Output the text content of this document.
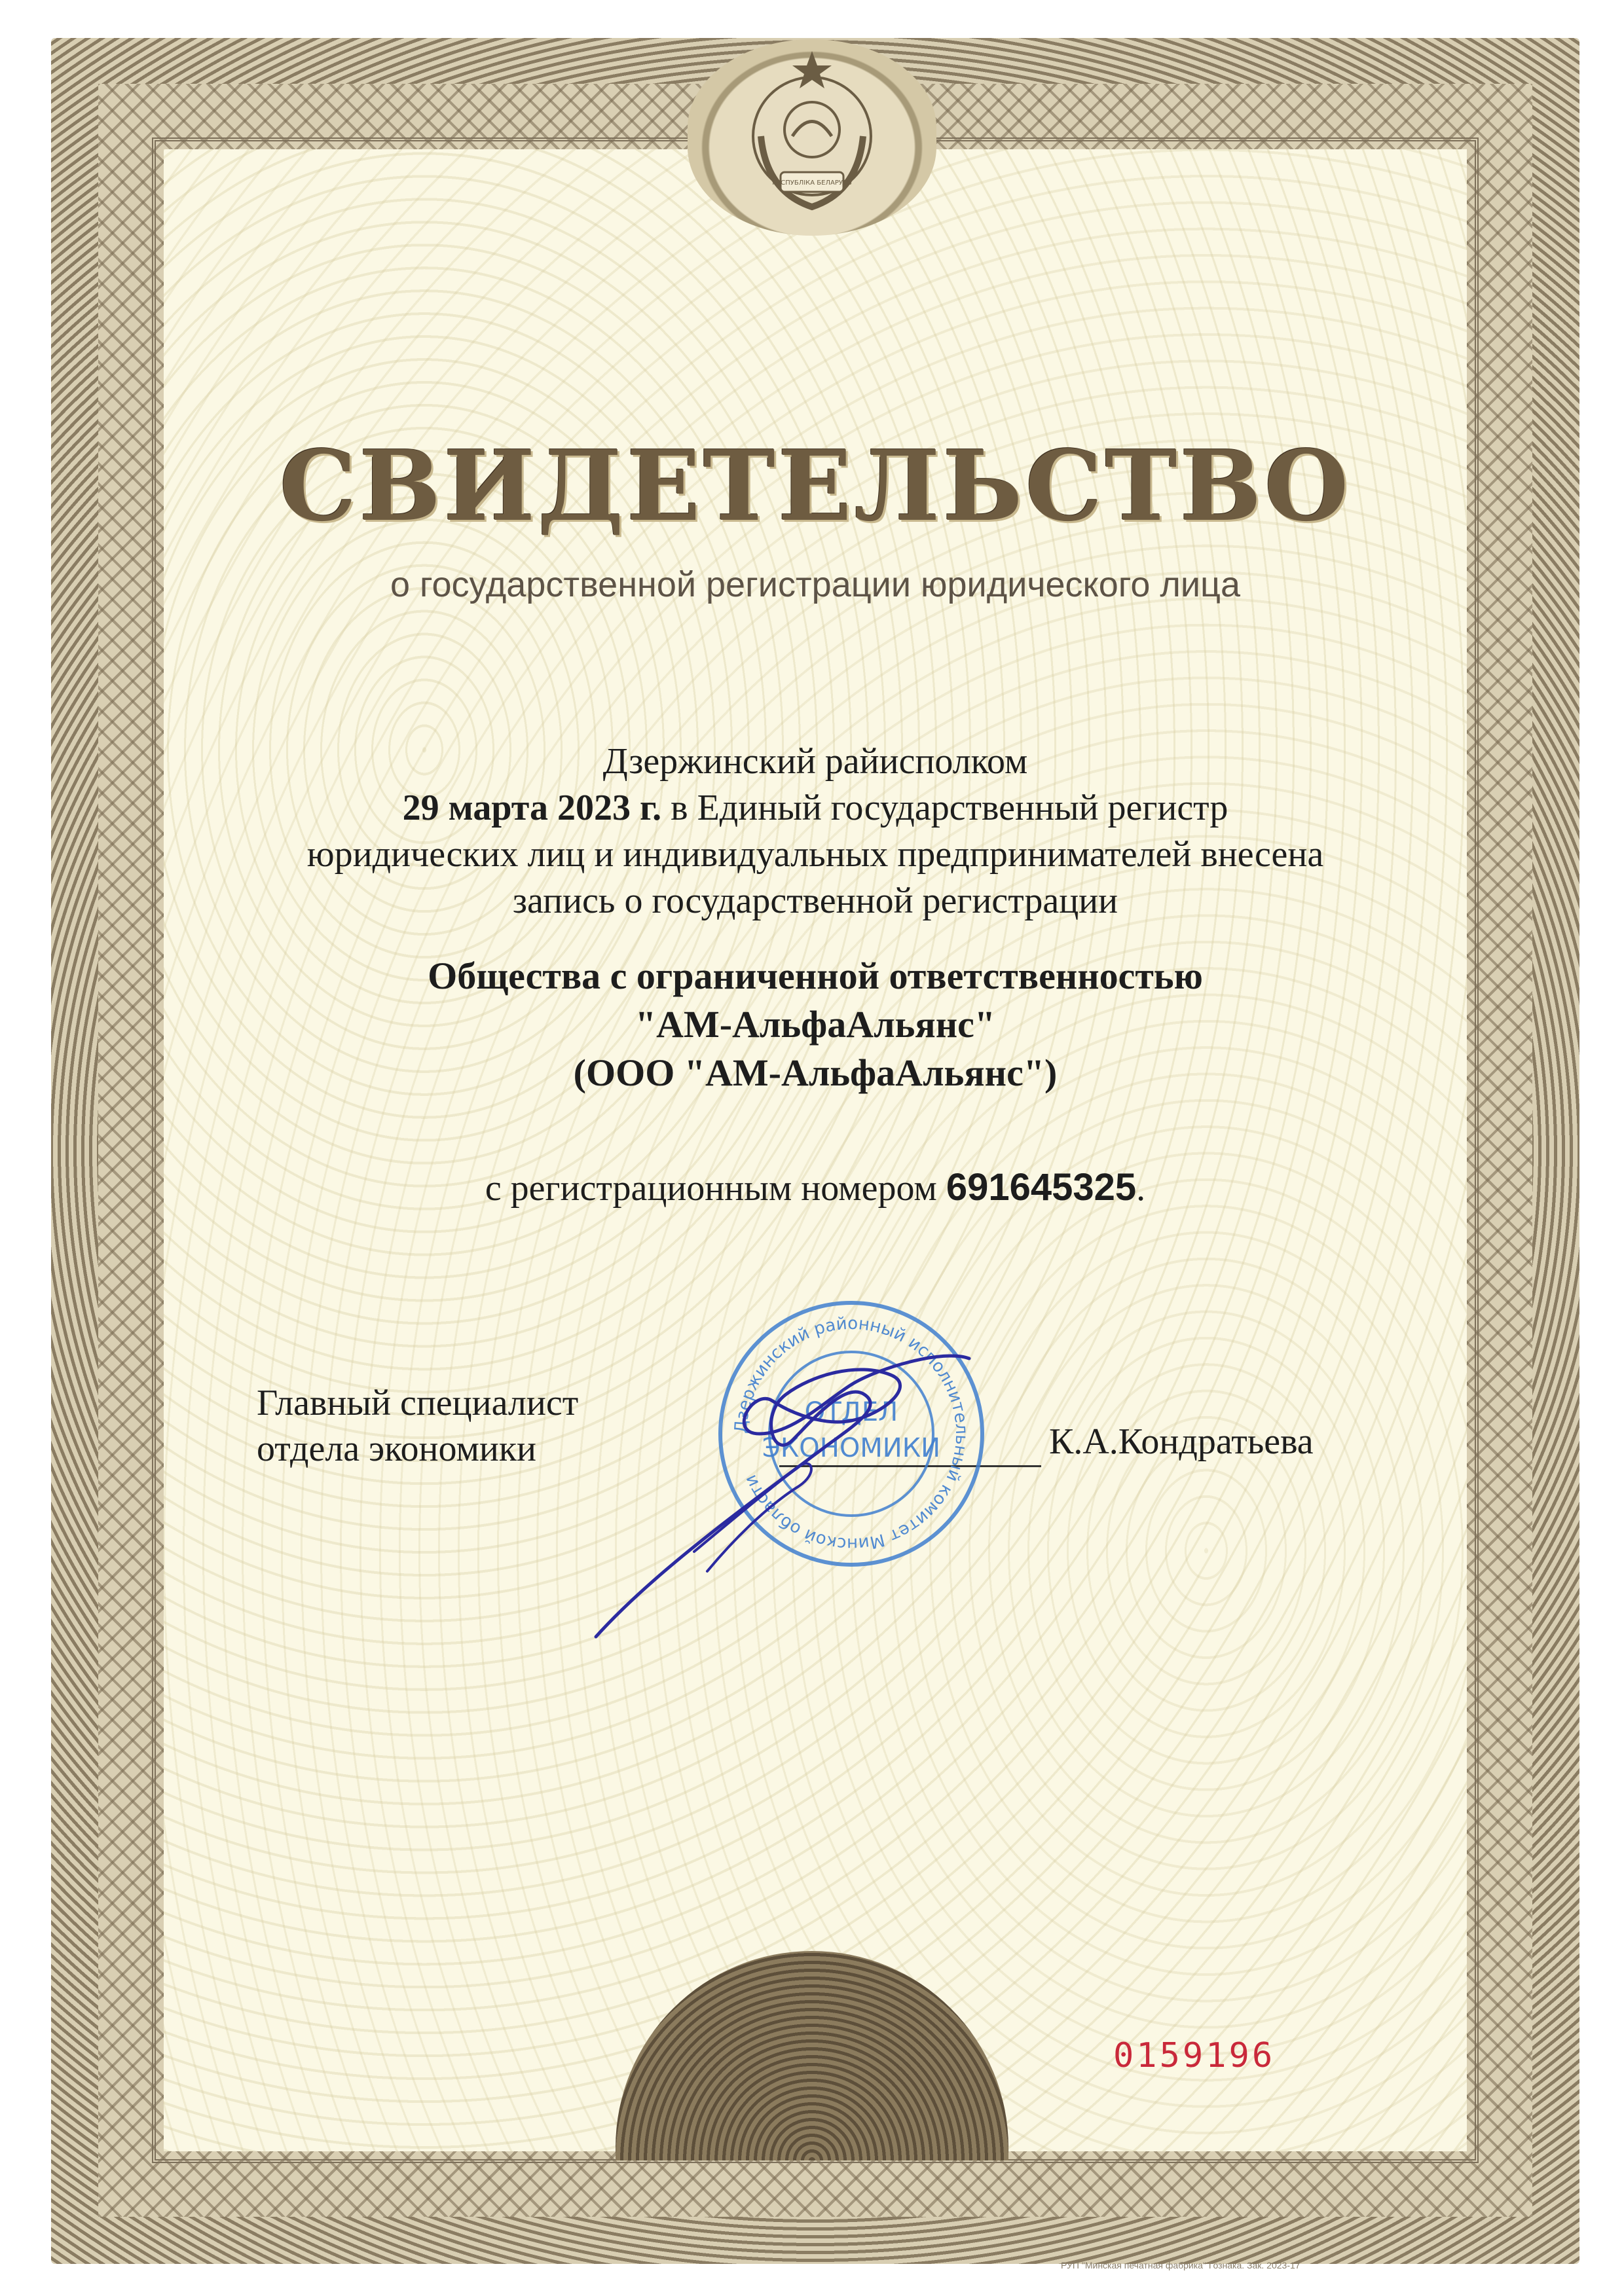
РЭСПУБЛІКА БЕЛАРУСЬ
СВИДЕТЕЛЬСТВО
о государственной регистрации юридического лица
Дзержинский райисполком
29 марта 2023 г. в Единый государственный регистр
юридических лиц и индивидуальных предпринимателей внесена
запись о государственной регистрации
Общества с ограниченной ответственностью
"АМ-АльфаАльянс"
(ООО "АМ-АльфаАльянс")
с регистрационным номером 691645325.
Главный специалист
отдела экономики	К.А.Кондратьева
Дзержинский районный исполнительный комитет Минской области
ОТДЕЛ
ЭКОНОМИКИ
0159196
РУП "Минская печатная фабрика" Гознака. Зак. 2023-17
